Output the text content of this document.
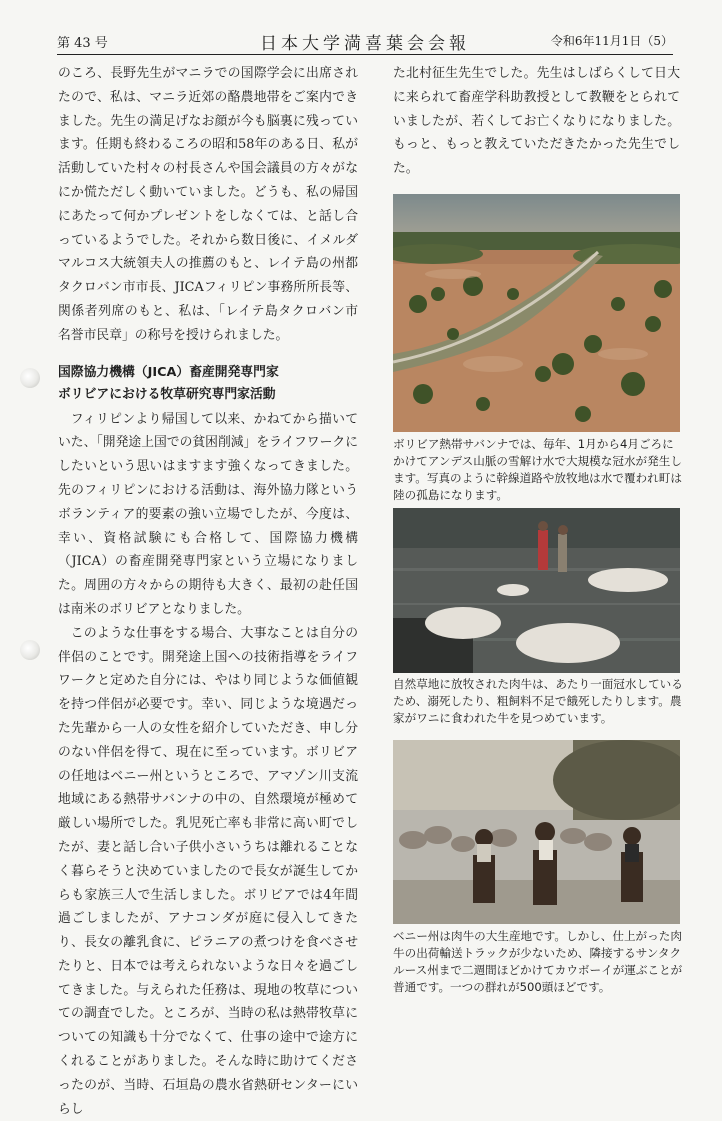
第 43 号	日本大学満喜葉会会報	令和6年11月1日（5）

のころ、長野先生がマニラでの国際学会に出席されたので、私は、マニラ近郊の酪農地帯をご案内できました。先生の満足げなお顔が今も脳裏に残っています。任期も終わるころの昭和58年のある日、私が活動していた村々の村長さんや国会議員の方々がなにか慌ただしく動いていました。どうも、私の帰国にあたって何かプレゼントをしなくては、と話し合っているようでした。それから数日後に、イメルダマルコス大統領夫人の推薦のもと、レイテ島の州都タクロバン市市長、JICAフィリピン事務所所長等、関係者列席のもと、私は、「レイテ島タクロバン市名誉市民章」の称号を授けられました。

国際協力機構（JICA）畜産開発専門家
ボリビアにおける牧草研究専門家活動

フィリピンより帰国して以来、かねてから描いていた、「開発途上国での貧困削減」をライフワークにしたいという思いはますます強くなってきました。先のフィリピンにおける活動は、海外協力隊というボランティア的要素の強い立場でしたが、今度は、幸い、資格試験にも合格して、国際協力機構（JICA）の畜産開発専門家という立場になりました。周囲の方々からの期待も大きく、最初の赴任国は南米のボリビアとなりました。

このような仕事をする場合、大事なことは自分の伴侶のことです。開発途上国への技術指導をライフワークと定めた自分には、やはり同じような価値観を持つ伴侶が必要です。幸い、同じような境遇だった先輩から一人の女性を紹介していただき、申し分のない伴侶を得て、現在に至っています。ボリビアの任地はベニー州というところで、アマゾン川支流地域にある熱帯サバンナの中の、自然環境が極めて厳しい場所でした。乳児死亡率も非常に高い町でしたが、妻と話し合い子供小さいうちは離れることなく暮らそうと決めていましたので長女が誕生してからも家族三人で生活しました。ボリビアでは4年間過ごしましたが、アナコンダが庭に侵入してきたり、長女の離乳食に、ピラニアの煮つけを食べさせたりと、日本では考えられないような日々を過ごしてきました。与えられた任務は、現地の牧草についての調査でした。ところが、当時の私は熱帯牧草についての知識も十分でなくて、仕事の途中で途方にくれることがありました。そんな時に助けてくださったのが、当時、石垣島の農水省熱研センターにいらし

た北村征生先生でした。先生はしばらくして日大に来られて畜産学科助教授として教鞭をとられていましたが、若くしてお亡くなりになりました。もっと、もっと教えていただきたかった先生でした。

ボリビア熱帯サバンナでは、毎年、1月から4月ごろにかけてアンデス山脈の雪解け水で大規模な冠水が発生します。写真のように幹線道路や放牧地は水で覆われ町は陸の孤島になります。
自然草地に放牧された肉牛は、あたり一面冠水しているため、溺死したり、粗飼料不足で餓死したりします。農家がワニに食われた牛を見つめています。
ベニー州は肉牛の大生産地です。しかし、仕上がった肉牛の出荷輸送トラックが少ないため、隣接するサンタクルース州まで二週間ほどかけてカウボーイが運ぶことが普通です。一つの群れが500頭ほどです。
